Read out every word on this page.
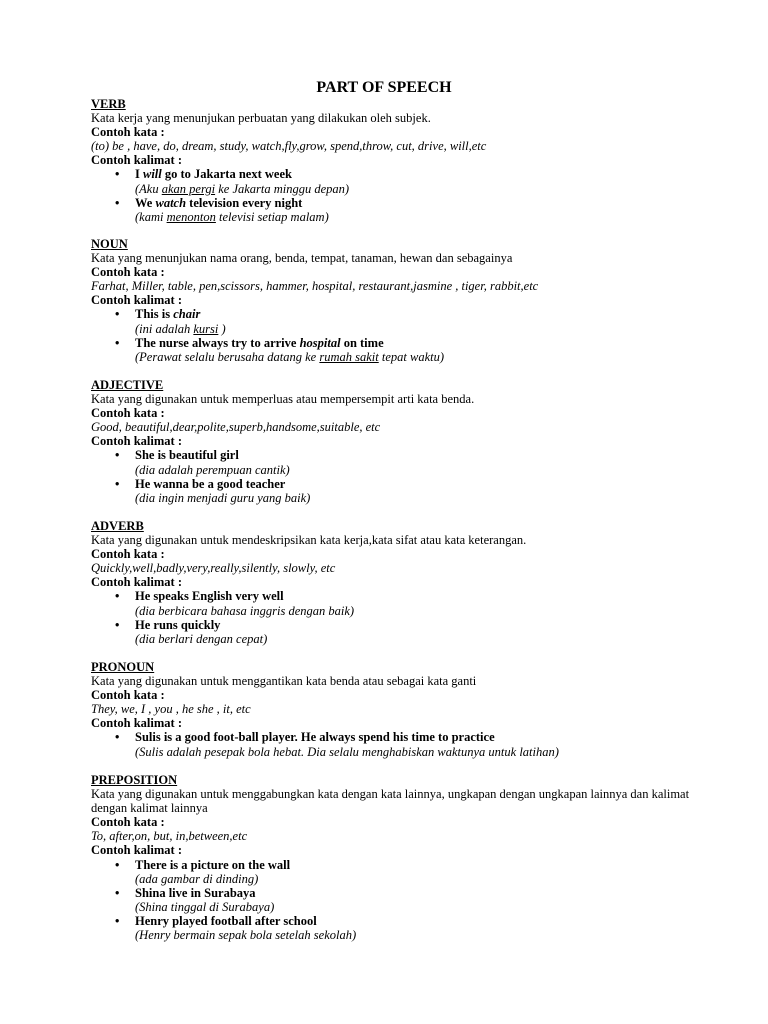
PART OF SPEECH
VERB
Kata kerja yang menunjukan perbuatan yang dilakukan oleh subjek.
Contoh kata :
(to) be , have, do, dream, study, watch,fly,grow, spend,throw, cut, drive, will,etc
Contoh kalimat :
• I will go to Jakarta next week
(Aku akan pergi ke Jakarta minggu depan)
• We watch television every night
(kami menonton televisi setiap malam)
NOUN
Kata yang menunjukan nama orang, benda, tempat, tanaman, hewan dan sebagainya
Contoh kata :
Farhat, Miller, table, pen,scissors, hammer, hospital, restaurant,jasmine , tiger, rabbit,etc
Contoh kalimat :
• This is chair
(ini adalah kursi )
• The nurse always try to arrive hospital on time
(Perawat selalu berusaha datang ke rumah sakit tepat waktu)
ADJECTIVE
Kata yang digunakan untuk memperluas atau mempersempit arti kata benda.
Contoh kata :
Good, beautiful,dear,polite,superb,handsome,suitable, etc
Contoh kalimat :
• She is beautiful girl
(dia adalah perempuan cantik)
• He wanna be a good teacher
(dia ingin menjadi guru yang baik)
ADVERB
Kata yang digunakan untuk mendeskripsikan kata kerja,kata sifat atau kata keterangan.
Contoh kata :
Quickly,well,badly,very,really,silently, slowly, etc
Contoh kalimat :
• He speaks English very well
(dia berbicara bahasa inggris dengan baik)
• He runs quickly
(dia berlari dengan cepat)
PRONOUN
Kata yang digunakan untuk menggantikan kata benda atau sebagai kata ganti
Contoh kata :
They, we, I , you , he she , it, etc
Contoh kalimat :
• Sulis is a good foot-ball player. He always spend his time to practice
(Sulis adalah pesepak bola hebat. Dia selalu menghabiskan waktunya untuk latihan)
PREPOSITION
Kata yang digunakan untuk menggabungkan kata dengan kata lainnya, ungkapan dengan ungkapan lainnya dan kalimat dengan kalimat lainnya
Contoh kata :
To, after,on, but, in,between,etc
Contoh kalimat :
• There is a picture on the wall
(ada gambar di dinding)
• Shina live in Surabaya
(Shina tinggal di Surabaya)
• Henry played football after school
(Henry bermain sepak bola setelah sekolah)
